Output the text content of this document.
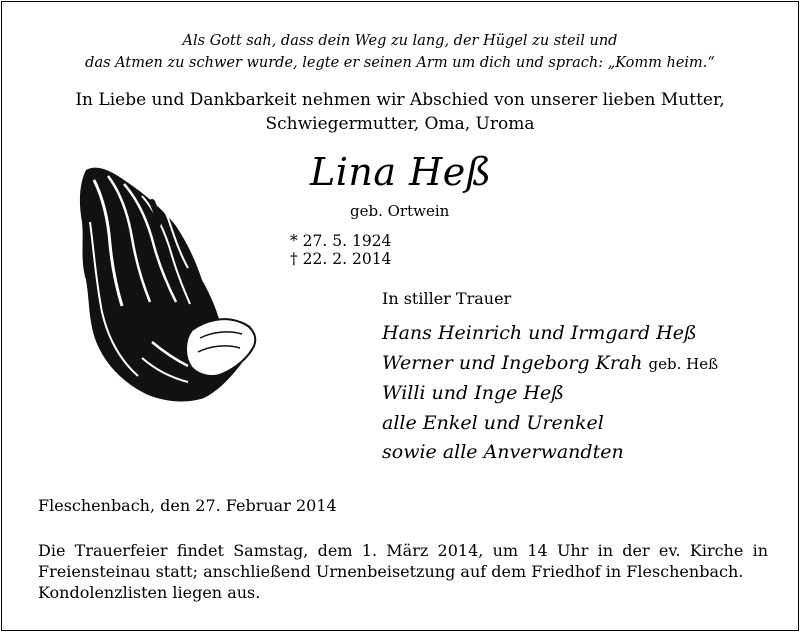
Als Gott sah, dass dein Weg zu lang, der Hügel zu steil und
das Atmen zu schwer wurde, legte er seinen Arm um dich und sprach: „Komm heim.“
In Liebe und Dankbarkeit nehmen wir Abschied von unserer lieben Mutter,
Schwiegermutter, Oma, Uroma
Lina Heß
geb. Ortwein
* 27. 5. 1924  † 22. 2. 2014
In stiller Trauer
Hans Heinrich und Irmgard Heß
Werner und Ingeborg Krah geb. Heß
Willi und Inge Heß
alle Enkel und Urenkel
sowie alle Anverwandten
Fleschenbach, den 27. Februar 2014
Die Trauerfeier findet Samstag, dem 1. März 2014, um 14 Uhr in der ev. Kirche in
Freiensteinau statt; anschließend Urnenbeisetzung auf dem Friedhof in Fleschenbach.
Kondolenzlisten liegen aus.
